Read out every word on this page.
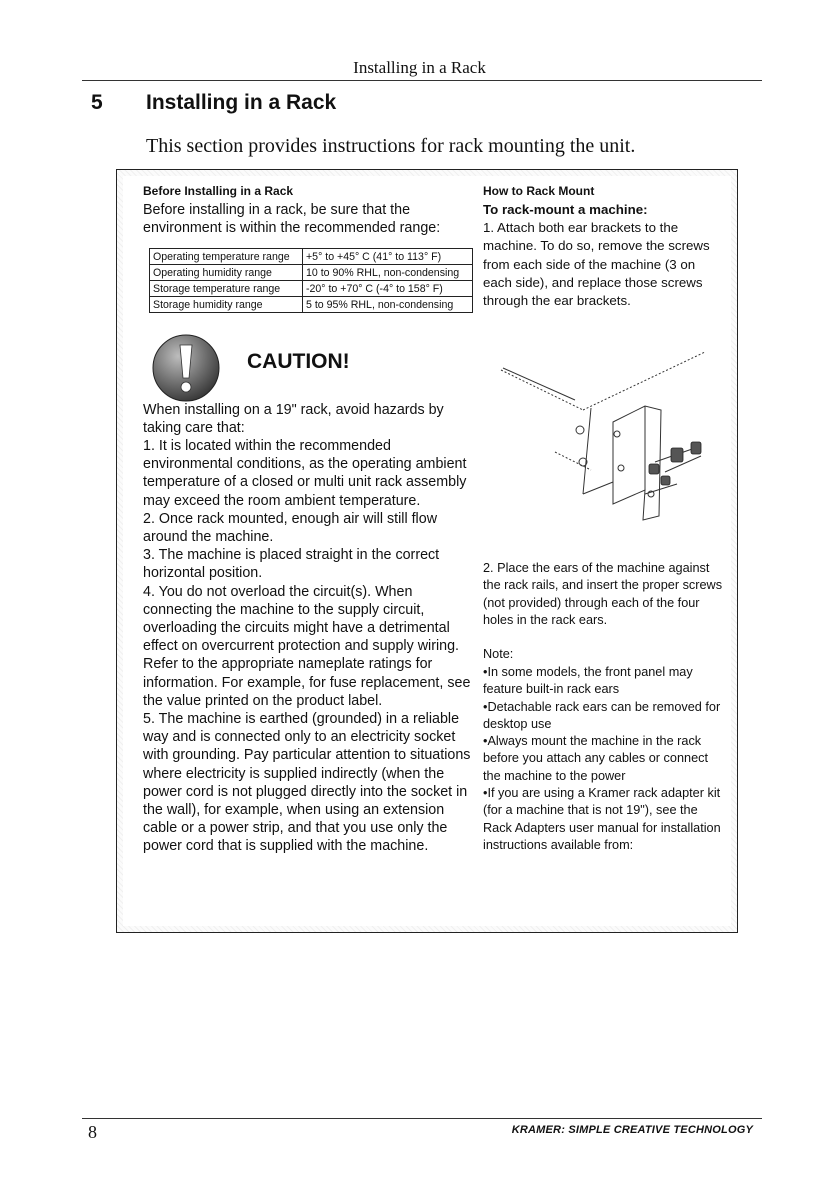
Installing in a Rack
5 Installing in a Rack
This section provides instructions for rack mounting the unit.
Before Installing in a Rack
Before installing in a rack, be sure that the environment is within the recommended range:
Operating temperature range	+5° to +45° C (41° to 113° F)
Operating humidity range	10 to 90% RHL, non-condensing
Storage temperature range	-20° to +70° C (-4° to 158° F)
Storage humidity range	5 to 95% RHL, non-condensing
CAUTION!
When installing on a 19" rack, avoid hazards by taking care that:
1. It is located within the recommended environmental conditions, as the operating ambient temperature of a closed or multi unit rack assembly may exceed the room ambient temperature.
2. Once rack mounted, enough air will still flow around the machine.
3. The machine is placed straight in the correct horizontal position.
4. You do not overload the circuit(s). When connecting the machine to the supply circuit, overloading the circuits might have a detrimental effect on overcurrent protection and supply wiring. Refer to the appropriate nameplate ratings for information. For example, for fuse replacement, see the value printed on the product label.
5. The machine is earthed (grounded) in a reliable way and is connected only to an electricity socket with grounding. Pay particular attention to situations where electricity is supplied indirectly (when the power cord is not plugged directly into the socket in the wall), for example, when using an extension cable or a power strip, and that you use only the power cord that is supplied with the machine.
How to Rack Mount
To rack-mount a machine:
1. Attach both ear brackets to the machine. To do so, remove the screws from each side of the machine (3 on each side), and replace those screws through the ear brackets.
2. Place the ears of the machine against the rack rails, and insert the proper screws (not provided) through each of the four holes in the rack ears.
Note:
• In some models, the front panel may feature built-in rack ears
• Detachable rack ears can be removed for desktop use
• Always mount the machine in the rack before you attach any cables or connect the machine to the power
• If you are using a Kramer rack adapter kit (for a machine that is not 19"), see the Rack Adapters user manual for installation instructions available from:
8	KRAMER: SIMPLE CREATIVE TECHNOLOGY
